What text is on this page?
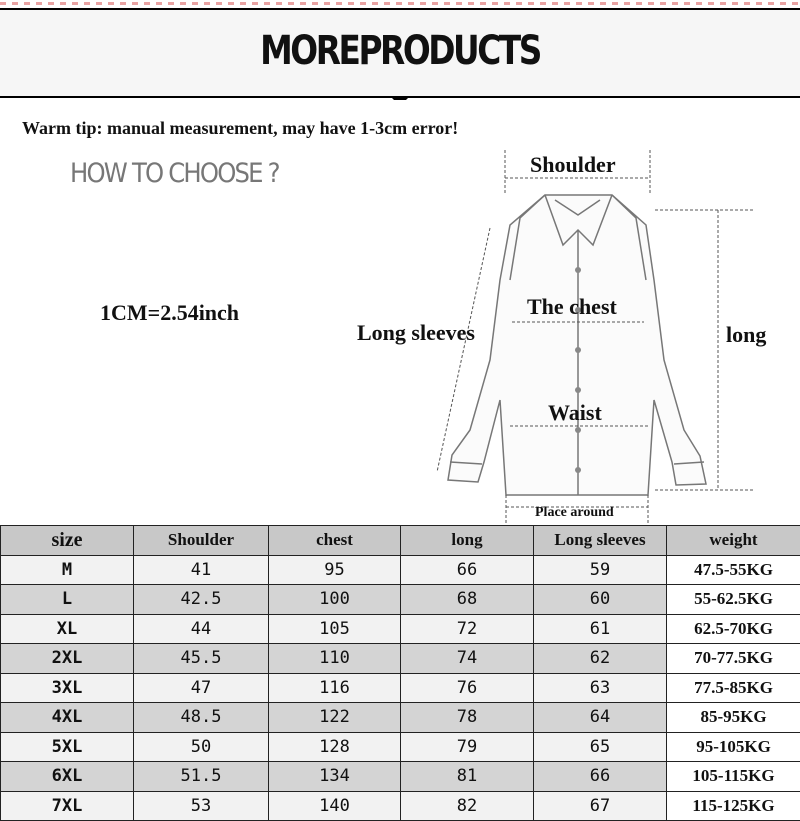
MOREPRODUCTS
Warm tip: manual measurement, may have 1-3cm error!
HOW TO CHOOSE ?
1CM=2.54inch
Shoulder
The chest
Waist
Long sleeves	long
Place around
size	Shoulder	chest	long	Long sleeves	weight
M	41	95	66	59	47.5-55KG
L	42.5	100	68	60	55-62.5KG
XL	44	105	72	61	62.5-70KG
2XL	45.5	110	74	62	70-77.5KG
3XL	47	116	76	63	77.5-85KG
4XL	48.5	122	78	64	85-95KG
5XL	50	128	79	65	95-105KG
6XL	51.5	134	81	66	105-115KG
7XL	53	140	82	67	115-125KG
